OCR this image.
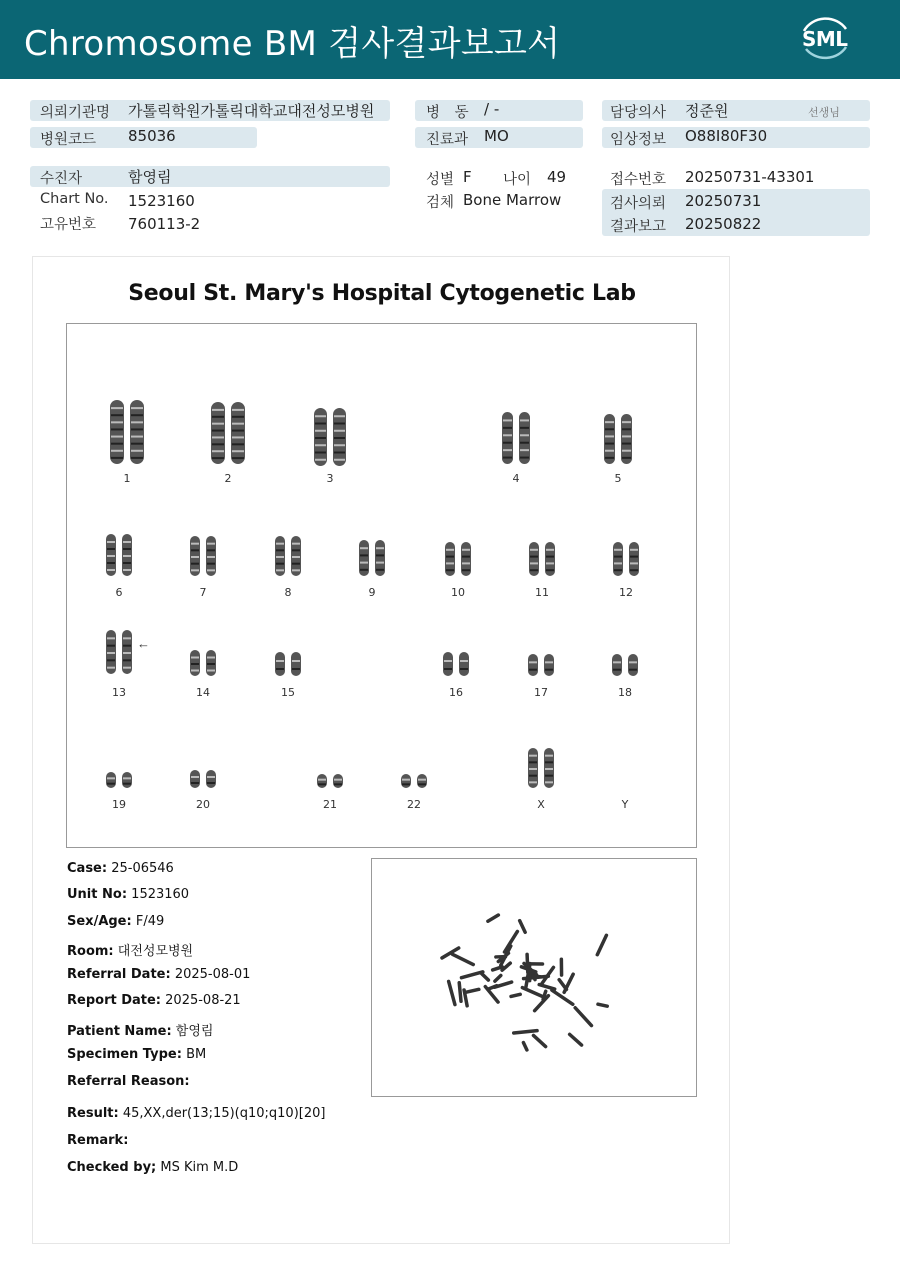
Chromosome BM 검사결과보고서	SML
의뢰기관명 가톨릭학원가톨릭대학교대전성모병원
병원코드 85036
수진자	함영림
Chart No. 1523160
고유번호 760113-2
병 동 / -
진료과 MO
성별 F 나이 49
검체 Bone Marrow
담당의사 정준원	선생님
임상정보 O88I80F30
접수번호 20250731-43301
검사의뢰 20250731
결과보고 20250822
Seoul St. Mary's Hospital Cytogenetic Lab
1	2	3	4	5
6	7	8	9	10	11	12
13	14	15	16	17	18
19	20	21	22	X	Y
←
Case: 25-06546
Unit No: 1523160
Sex/Age: F/49
Room: 대전성모병원
Referral Date: 2025-08-01
Report Date: 2025-08-21
Patient Name: 함영림
Specimen Type: BM
Referral Reason:
Result: 45,XX,der(13;15)(q10;q10)[20]
Remark:
Checked by; MS Kim M.D
